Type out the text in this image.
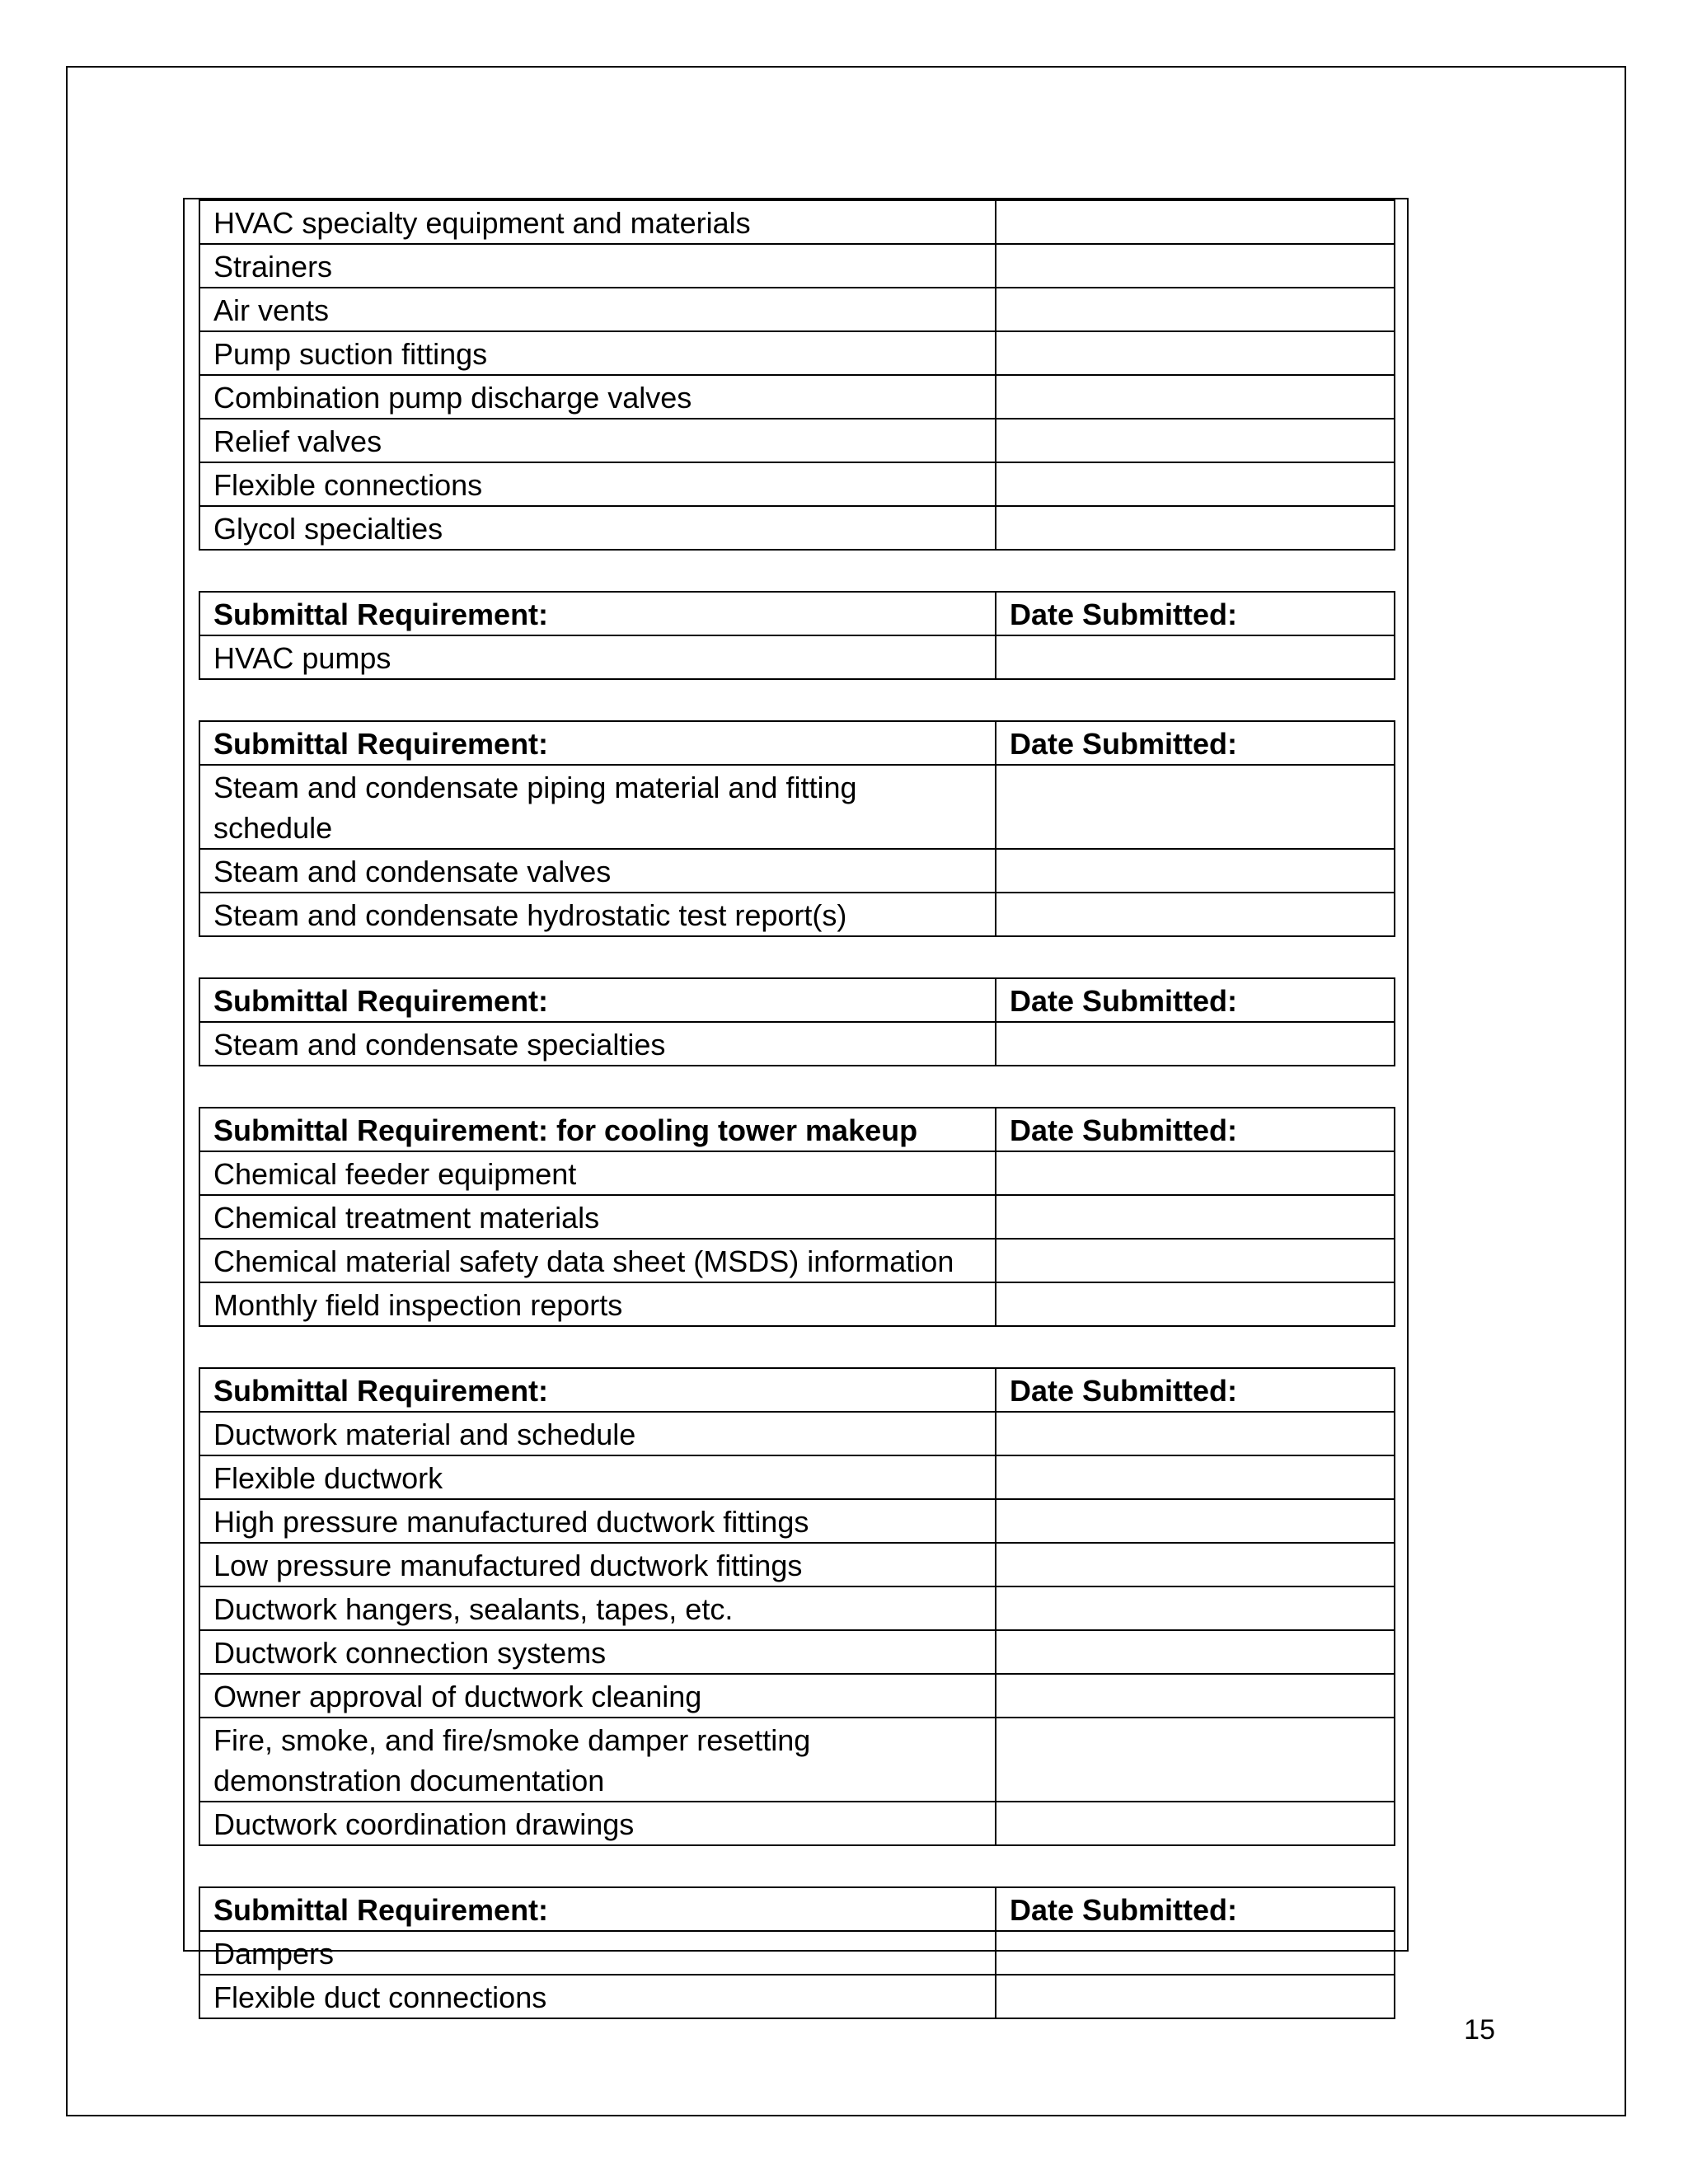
HVAC specialty equipment and materials	
Strainers	
Air vents	
Pump suction fittings	
Combination pump discharge valves	
Relief valves	
Flexible connections	
Glycol specialties	
Submittal Requirement:	Date Submitted:
HVAC pumps	
Submittal Requirement:	Date Submitted:
Steam and condensate piping material and fitting schedule	
Steam and condensate valves	
Steam and condensate hydrostatic test report(s)	
Submittal Requirement:	Date Submitted:
Steam and condensate specialties	
Submittal Requirement: for cooling tower makeup	Date Submitted:
Chemical feeder equipment	
Chemical treatment materials	
Chemical material safety data sheet (MSDS) information	
Monthly field inspection reports	
Submittal Requirement:	Date Submitted:
Ductwork material and schedule	
Flexible ductwork	
High pressure manufactured ductwork fittings	
Low pressure manufactured ductwork fittings	
Ductwork hangers, sealants, tapes, etc.	
Ductwork connection systems	
Owner approval of ductwork cleaning	
Fire, smoke, and fire/smoke damper resetting demonstration documentation	
Ductwork coordination drawings	
Submittal Requirement:	Date Submitted:
Dampers	
Flexible duct connections	
15
